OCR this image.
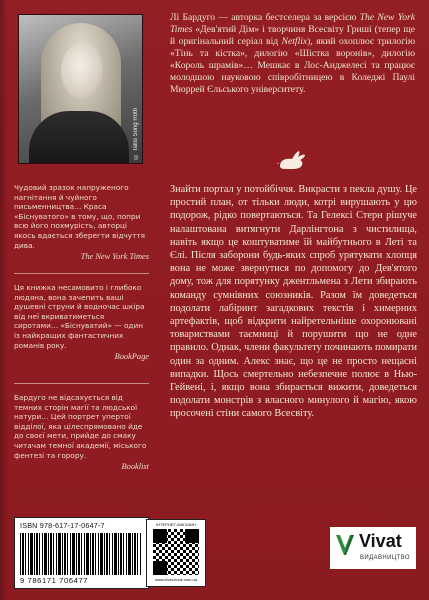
© Tallis Song Roth

Лі Бардуго — авторка бестселера за версією The New York Times «Дев'ятий Дім» і творчиня Всесвіту Гриші (тепер ще й оригінальний серіал від Netflix), який охоплює трилогію «Тінь та кістка», дилогію «Шістка воронів», дилогію «Король шрамів»… Мешкає в Лос-Анджелесі та працює молодшою науковою співробітницею в Коледжі Паулі Мюррей Єльського університету.

Чудовий зразок напруженого нагнітання й чуйного письменництва… Краса «Біснуватого» в тому, що, попри всю його похмурість, авторці якось вдається зберегти відчуття дива.
The New York Times
Ця книжка несамовито і глибоко людяна, вона зачепить вашi душевні струни й водночас шкіра від неї вкриватиметься сиротами… «Біснуватий» — один із найкращих фантастичних романів року.
BookPage
Бардуго не відсахується від темних сторін магії та людської натури… Цей портрет упертої відділої, яка цілеспрямовано йде до своєї мети, прийде до смаку читачам темної академії, міського фентезі та горору.
Booklist

Знайти портал у потойбіччя. Викрасти з пекла душу. Це простий план, от тільки люди, котрі вирушають у цю подорож, рідко повертаються. Та Гелексі Стерн рішуче налаштована витягнути Дарлінгтона з чистилища, навіть якщо це коштуватиме їй майбутнього в Леті та Єлі. Після заборони будь-яких спроб урятувати хлопця вона не може звернутися по допомогу до Дев'ятого дому, тож для порятунку джентльмена з Лети збирають команду сумнівних союзників. Разом їм доведеться подолати лабіринт загадкових текстів і химерних артефактів, щоб відкрити найретельніше охоронювані товариствами таємниці й порушити що не одне правило. Однак, члени факультету починають помирати один за одним. Алекс знає, що це не просто нещасні випадки. Щось смертельно небезпечне полює в Нью-Гейвені, і, якщо вона збирається вижити, доведеться подолати монстрів з власного минулого й магію, якою просочені стіни самого Всесвіту.

ISBN 978-617-17-0647-7
9 786171 706477
ІНТЕРНЕТ-МАГАЗИН
www.vivat-book.com.ua
Vivat
ВИДАВНИЦТВО
